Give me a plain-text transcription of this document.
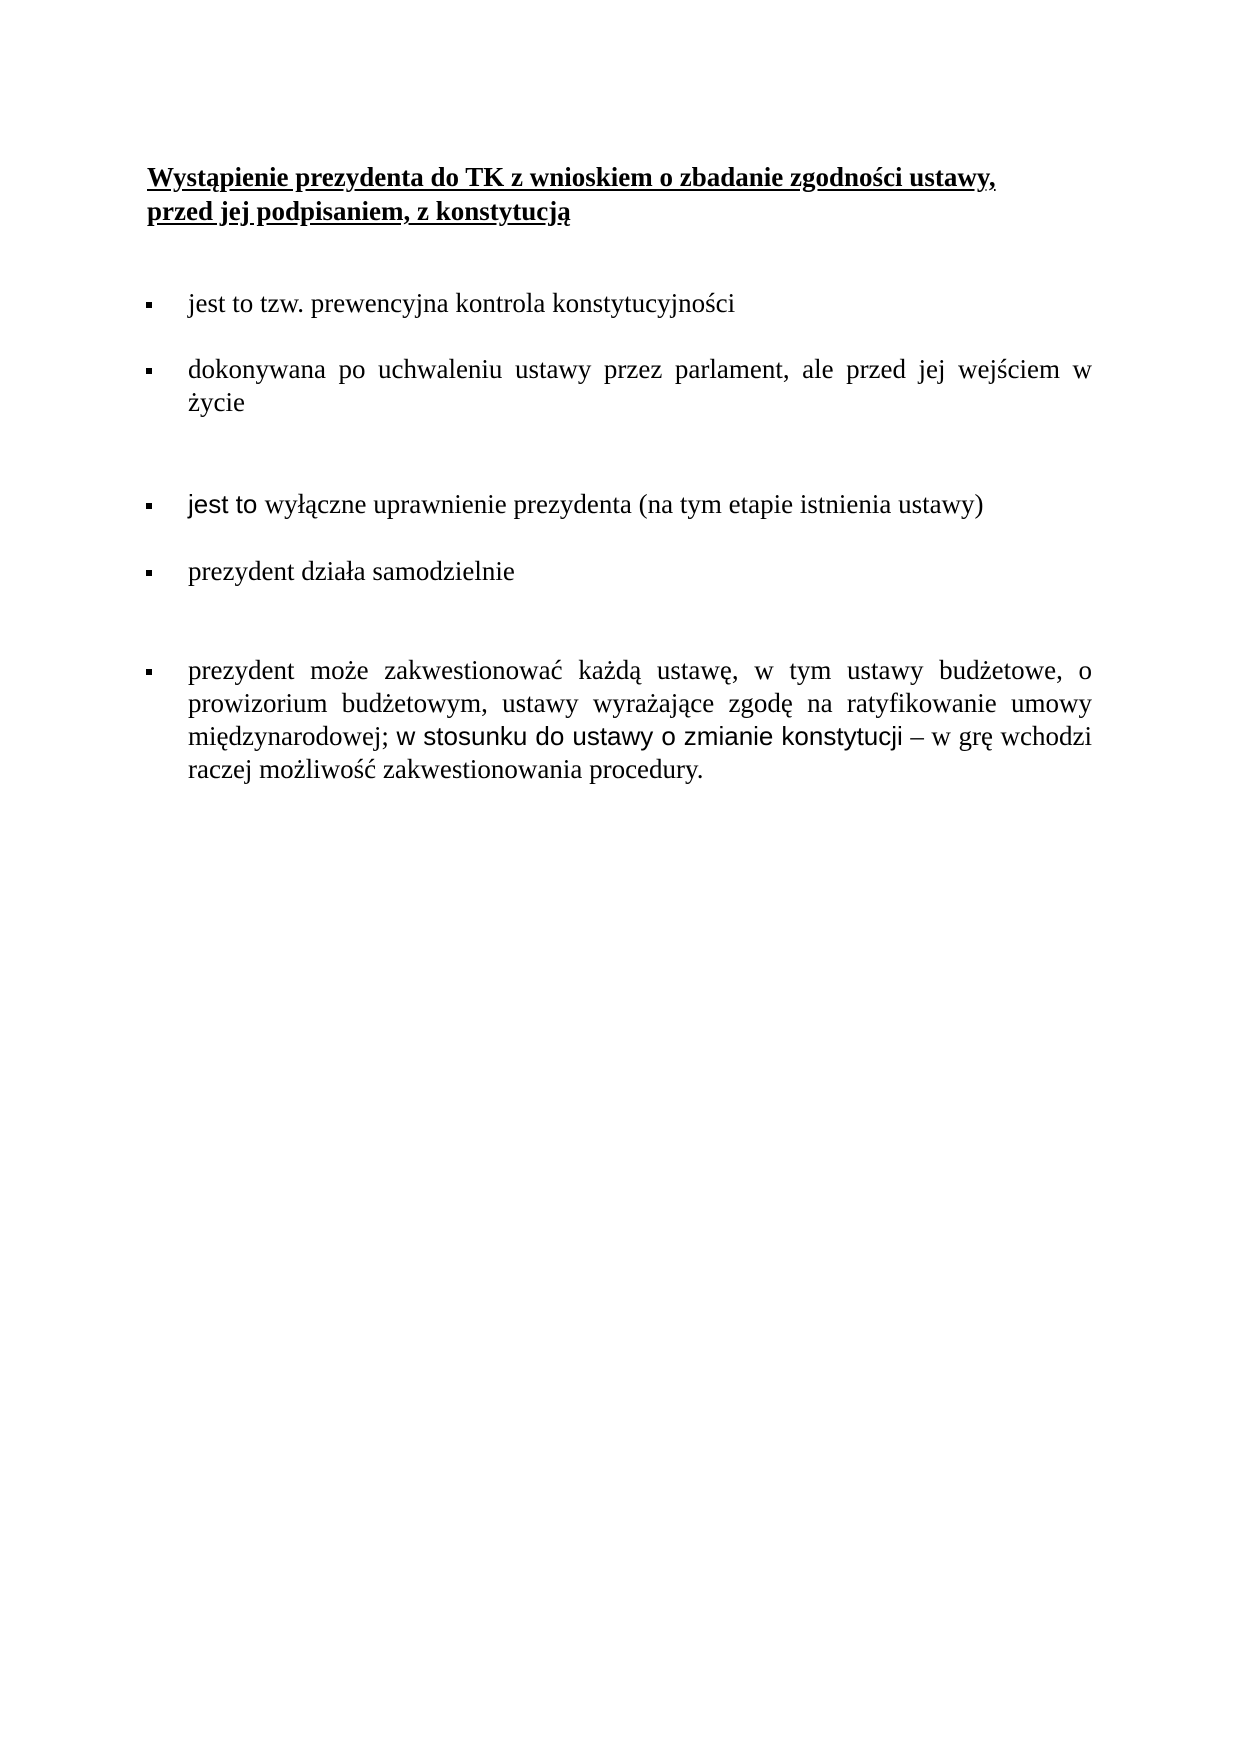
Wystąpienie prezydenta do TK z wnioskiem o zbadanie zgodności ustawy,
przed jej podpisaniem, z konstytucją
jest to tzw. prewencyjna kontrola konstytucyjności
dokonywana po uchwaleniu ustawy przez parlament, ale przed jej wejściem w życie
jest to wyłączne uprawnienie prezydenta (na tym etapie istnienia ustawy)
prezydent działa samodzielnie
prezydent może zakwestionować każdą ustawę, w tym ustawy budżetowe, o prowizorium budżetowym, ustawy wyrażające zgodę na ratyfikowanie umowy międzynarodowej; w stosunku do ustawy o zmianie konstytucji – w grę wchodzi raczej możliwość zakwestionowania procedury.
